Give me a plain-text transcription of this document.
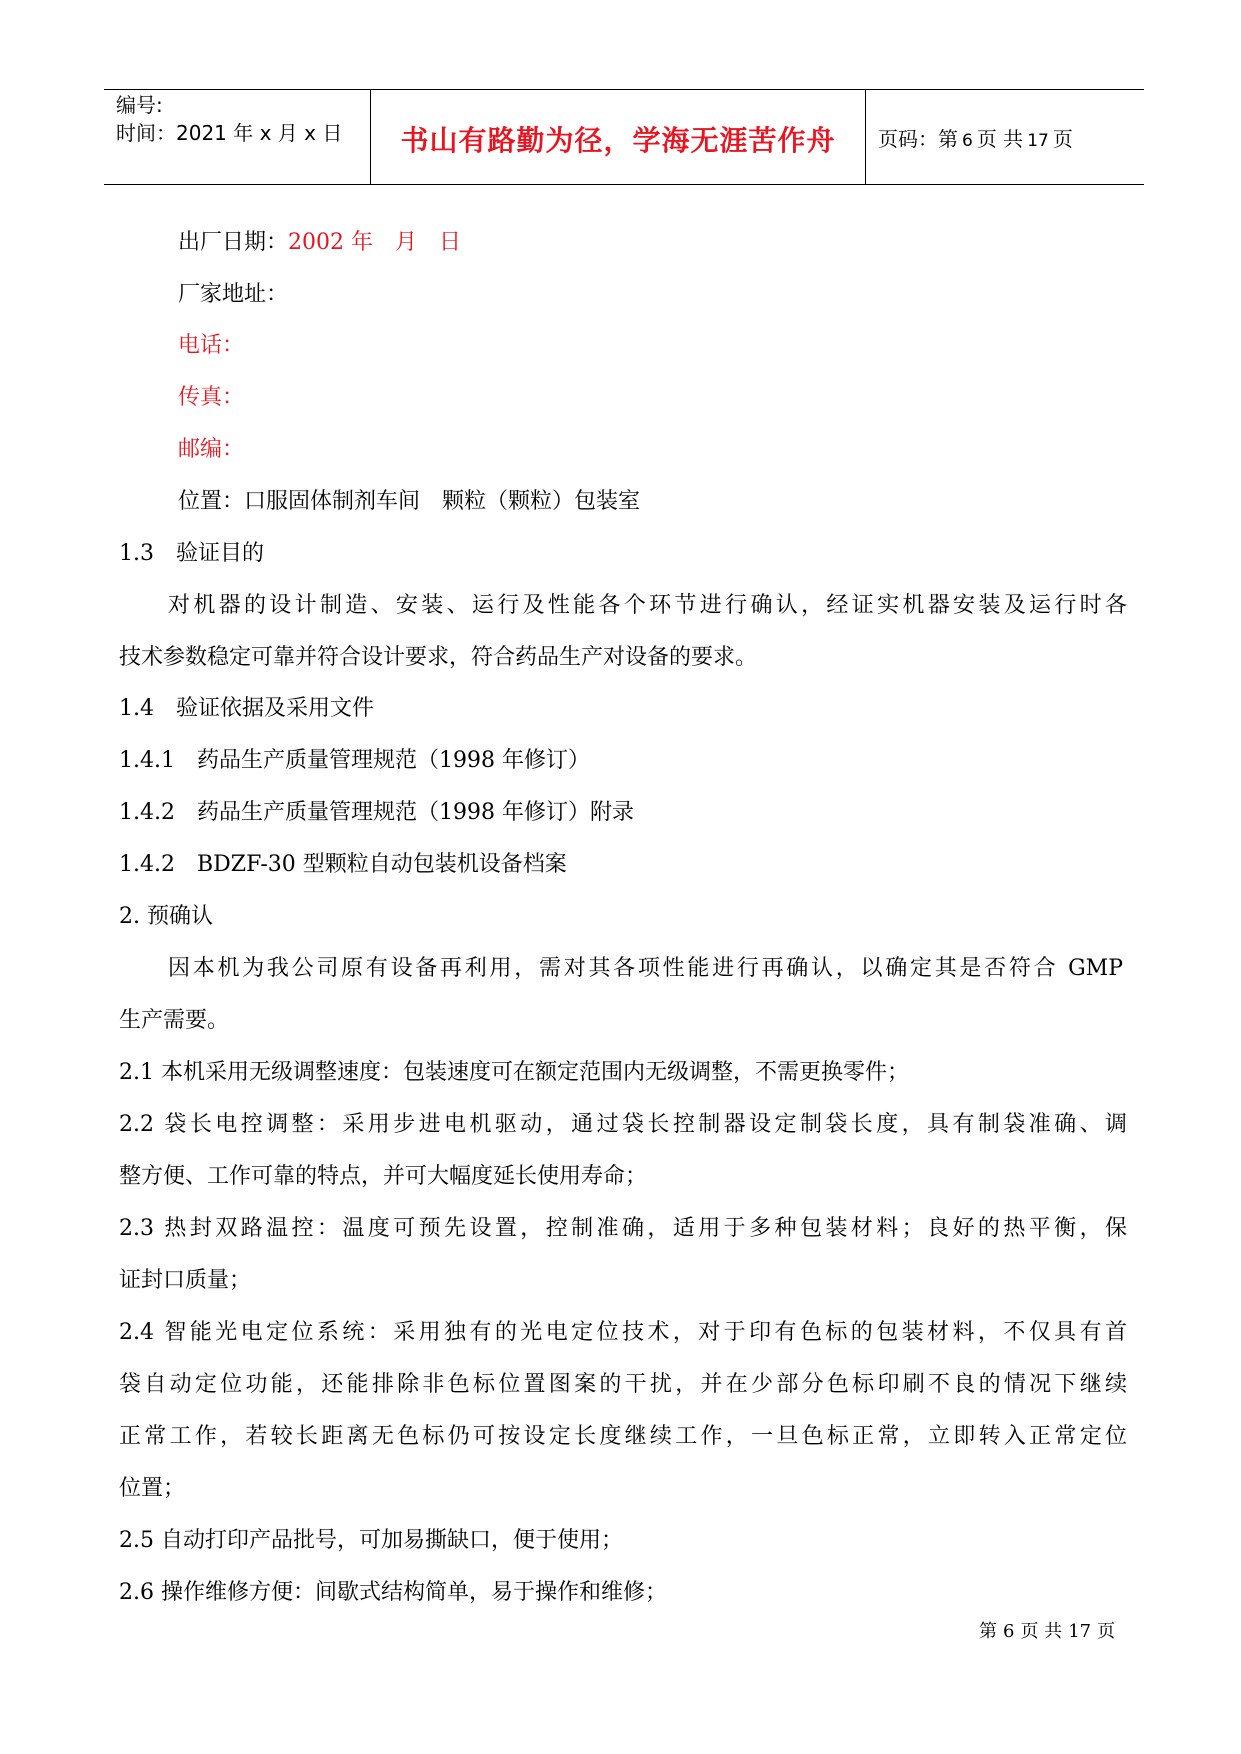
编号:
时间：2021 年 x 月 x 日	书山有路勤为径，学海无涯苦作舟	页码：第 6 页 共 17 页
出厂日期：2002 年　月　日
厂家地址：
电话：
传真：
邮编：
位置：口服固体制剂车间　颗粒（颗粒）包装室
1.3　验证目的
对机器的设计制造、安装、运行及性能各个环节进行确认，经证实机器安装及运行时各
技术参数稳定可靠并符合设计要求，符合药品生产对设备的要求。
1.4　验证依据及采用文件
1.4.1　药品生产质量管理规范（1998 年修订）
1.4.2　药品生产质量管理规范（1998 年修订）附录
1.4.2　BDZF-30 型颗粒自动包装机设备档案
2. 预确认
因本机为我公司原有设备再利用，需对其各项性能进行再确认，以确定其是否符合 GMP
生产需要。
2.1 本机采用无级调整速度：包装速度可在额定范围内无级调整，不需更换零件；
2.2 袋长电控调整：采用步进电机驱动，通过袋长控制器设定制袋长度，具有制袋准确、调
整方便、工作可靠的特点，并可大幅度延长使用寿命；
2.3 热封双路温控：温度可预先设置，控制准确，适用于多种包装材料；良好的热平衡，保
证封口质量；
2.4 智能光电定位系统：采用独有的光电定位技术，对于印有色标的包装材料，不仅具有首
袋自动定位功能，还能排除非色标位置图案的干扰，并在少部分色标印刷不良的情况下继续
正常工作，若较长距离无色标仍可按设定长度继续工作，一旦色标正常，立即转入正常定位
位置；
2.5 自动打印产品批号，可加易撕缺口，便于使用；
2.6 操作维修方便：间歇式结构简单，易于操作和维修；
第 6 页 共 17 页
